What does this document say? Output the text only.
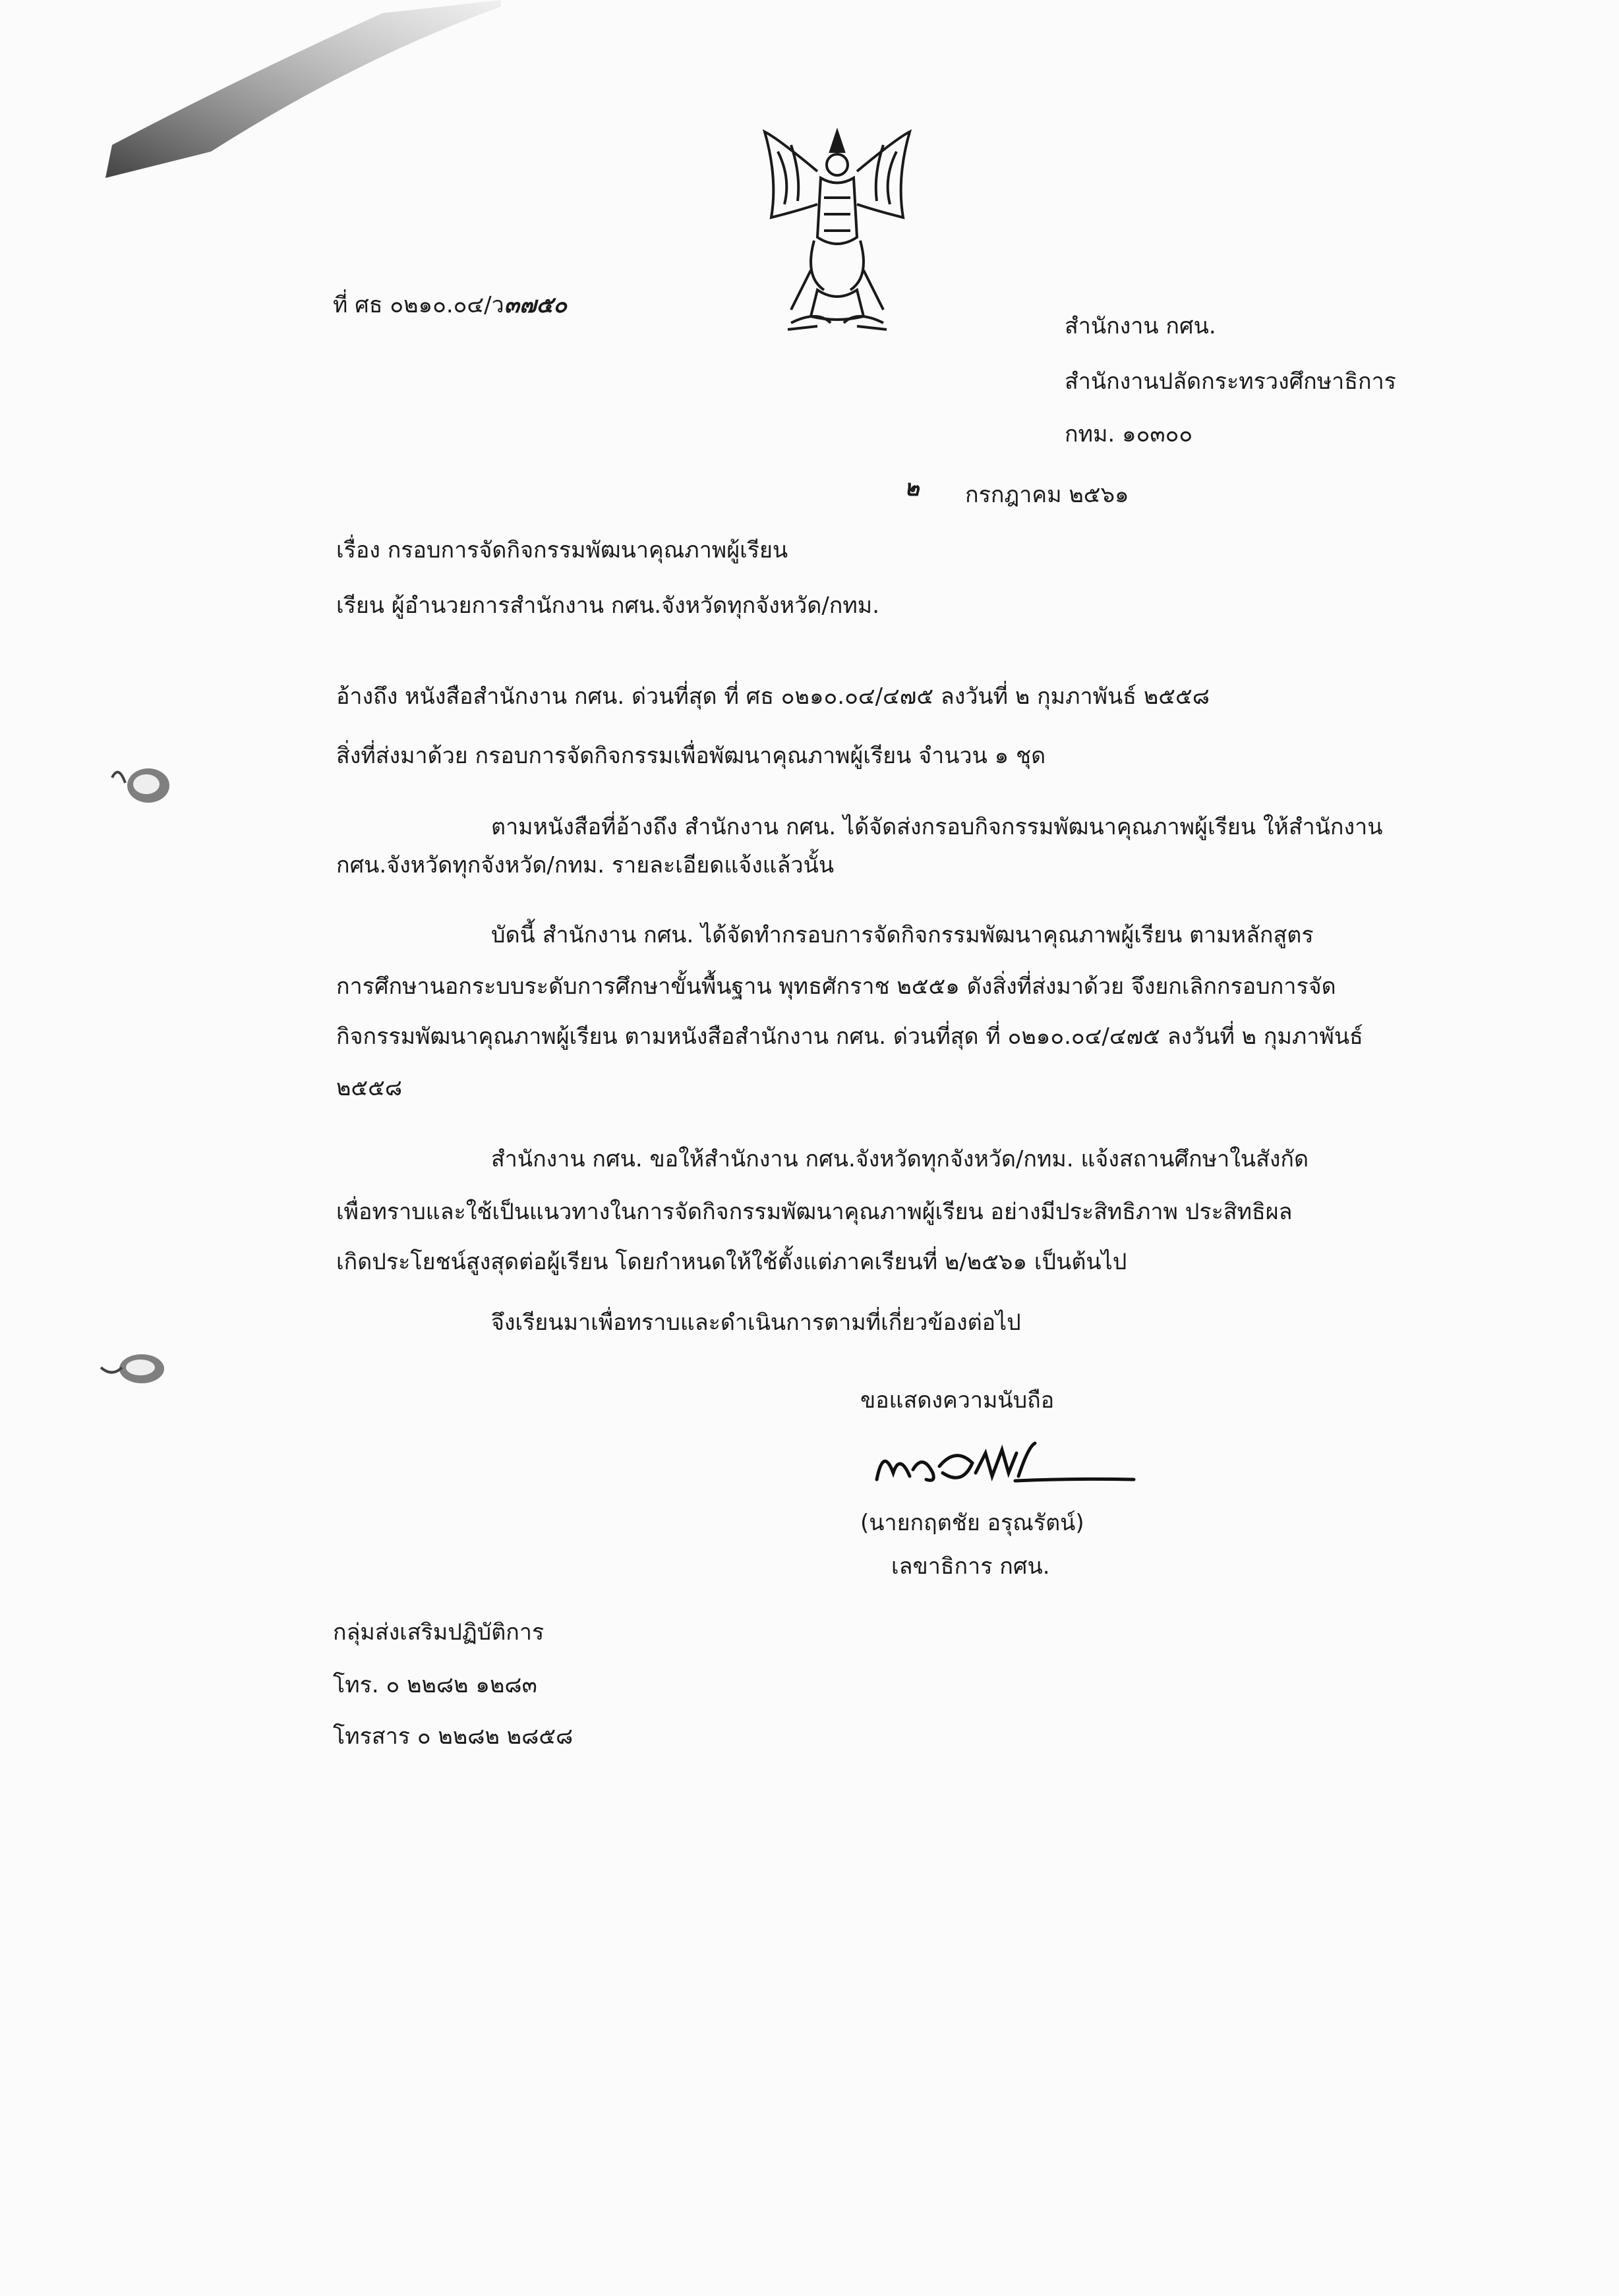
ที่ ศธ ๐๒๑๐.๐๔/ว๓๗๕๐
สำนักงาน กศน.
สำนักงานปลัดกระทรวงศึกษาธิการ
กทม. ๑๐๓๐๐
๒ กรกฎาคม ๒๕๖๑
เรื่อง กรอบการจัดกิจกรรมพัฒนาคุณภาพผู้เรียน
เรียน ผู้อำนวยการสำนักงาน กศน.จังหวัดทุกจังหวัด/กทม.
อ้างถึง หนังสือสำนักงาน กศน. ด่วนที่สุด ที่ ศธ ๐๒๑๐.๐๔/๔๗๕ ลงวันที่ ๒ กุมภาพันธ์ ๒๕๕๘
สิ่งที่ส่งมาด้วย กรอบการจัดกิจกรรมเพื่อพัฒนาคุณภาพผู้เรียน จำนวน ๑ ชุด
ตามหนังสือที่อ้างถึง สำนักงาน กศน. ได้จัดส่งกรอบกิจกรรมพัฒนาคุณภาพผู้เรียน ให้สำนักงาน
กศน.จังหวัดทุกจังหวัด/กทม. รายละเอียดแจ้งแล้วนั้น
บัดนี้ สำนักงาน กศน. ได้จัดทำกรอบการจัดกิจกรรมพัฒนาคุณภาพผู้เรียน ตามหลักสูตร
การศึกษานอกระบบระดับการศึกษาขั้นพื้นฐาน พุทธศักราช ๒๕๕๑ ดังสิ่งที่ส่งมาด้วย จึงยกเลิกกรอบการจัด
กิจกรรมพัฒนาคุณภาพผู้เรียน ตามหนังสือสำนักงาน กศน. ด่วนที่สุด ที่ ๐๒๑๐.๐๔/๔๗๕ ลงวันที่ ๒ กุมภาพันธ์
๒๕๕๘
สำนักงาน กศน. ขอให้สำนักงาน กศน.จังหวัดทุกจังหวัด/กทม. แจ้งสถานศึกษาในสังกัด
เพื่อทราบและใช้เป็นแนวทางในการจัดกิจกรรมพัฒนาคุณภาพผู้เรียน อย่างมีประสิทธิภาพ ประสิทธิผล
เกิดประโยชน์สูงสุดต่อผู้เรียน โดยกำหนดให้ใช้ตั้งแต่ภาคเรียนที่ ๒/๒๕๖๑ เป็นต้นไป
จึงเรียนมาเพื่อทราบและดำเนินการตามที่เกี่ยวข้องต่อไป
ขอแสดงความนับถือ
(นายกฤตชัย อรุณรัตน์)
เลขาธิการ กศน.
กลุ่มส่งเสริมปฏิบัติการ
โทร. ๐ ๒๒๘๒ ๑๒๘๓
โทรสาร ๐ ๒๒๘๒ ๒๘๕๘
